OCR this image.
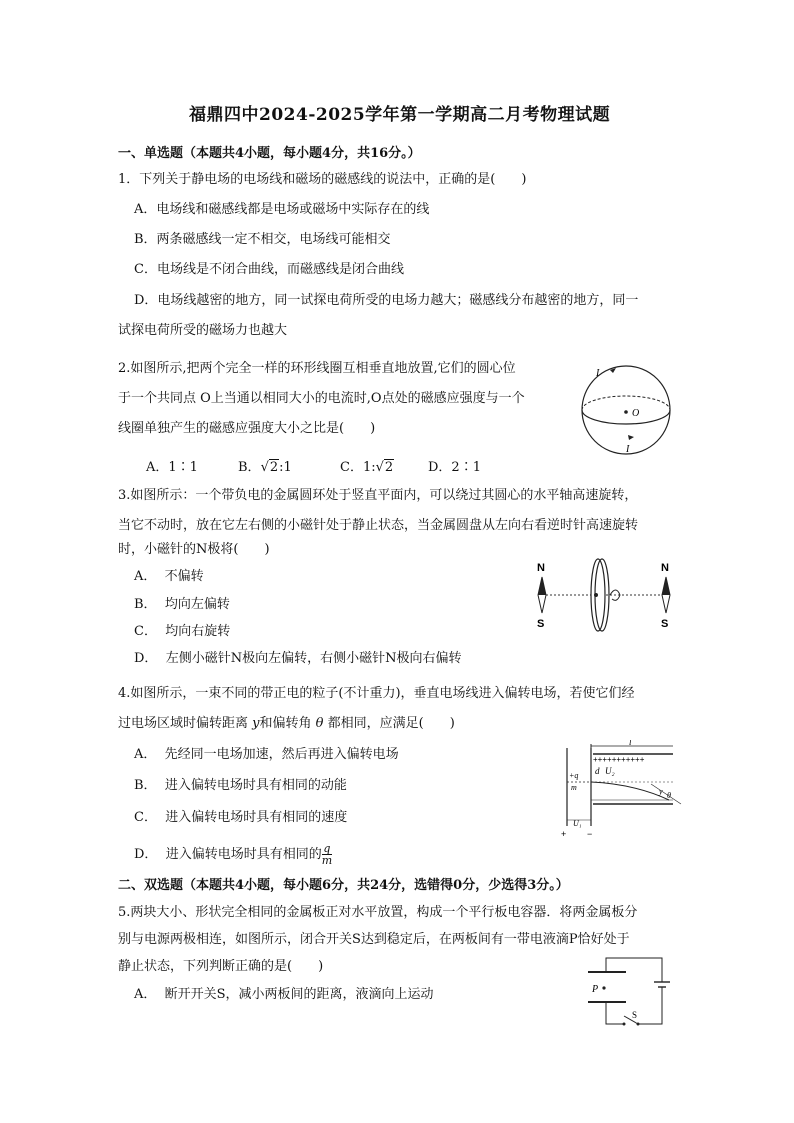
福鼎四中2024-2025学年第一学期高二月考物理试题
一、单选题（本题共4小题，每小题4分，共16分。）
1．下列关于静电场的电场线和磁场的磁感线的说法中，正确的是(　　)
A．电场线和磁感线都是电场或磁场中实际存在的线
B．两条磁感线一定不相交，电场线可能相交
C．电场线是不闭合曲线，而磁感线是闭合曲线
D．电场线越密的地方，同一试探电荷所受的电场力越大；磁感线分布越密的地方，同一
试探电荷所受的磁场力也越大
2.如图所示,把两个完全一样的环形线圈互相垂直地放置,它们的圆心位
于一个共同点 O上当通以相同大小的电流时,O点处的磁感应强度与一个
线圈单独产生的磁感应强度大小之比是(　　)
A．1∶1	B．√2:1	C．1:√2	D．2∶1
I
I
O
3.如图所示：一个带负电的金属圆环处于竖直平面内，可以绕过其圆心的水平轴高速旋转，
当它不动时，放在它左右侧的小磁针处于静止状态，当金属圆盘从左向右看逆时针高速旋转
时，小磁针的N极将(　　)
A． 不偏转
B． 均向左偏转
C． 均向右旋转
D． 左侧小磁针N极向左偏转，右侧小磁针N极向右偏转
N
S
N
S
4.如图所示，一束不同的带正电的粒子(不计重力)，垂直电场线进入偏转电场，若使它们经
过电场区域时偏转距离 y和偏转角 θ 都相同，应满足(　　)
A． 先经同一电场加速，然后再进入偏转电场
B． 进入偏转电场时具有相同的动能
C． 进入偏转电场时具有相同的速度
D． 进入偏转电场时具有相同的 $\frac{q}{m}$
+++++++++++
l
d U₂
+q
m
U₁
y θ
+ −
二、双选题（本题共4小题，每小题6分，共24分，选错得0分，少选得3分。）
5.两块大小、形状完全相同的金属板正对水平放置，构成一个平行板电容器．将两金属板分
别与电源两极相连，如图所示，闭合开关S达到稳定后，在两板间有一带电液滴P恰好处于
静止状态，下列判断正确的是(　　)
A． 断开开关S，减小两板间的距离，液滴向上运动	P
S
